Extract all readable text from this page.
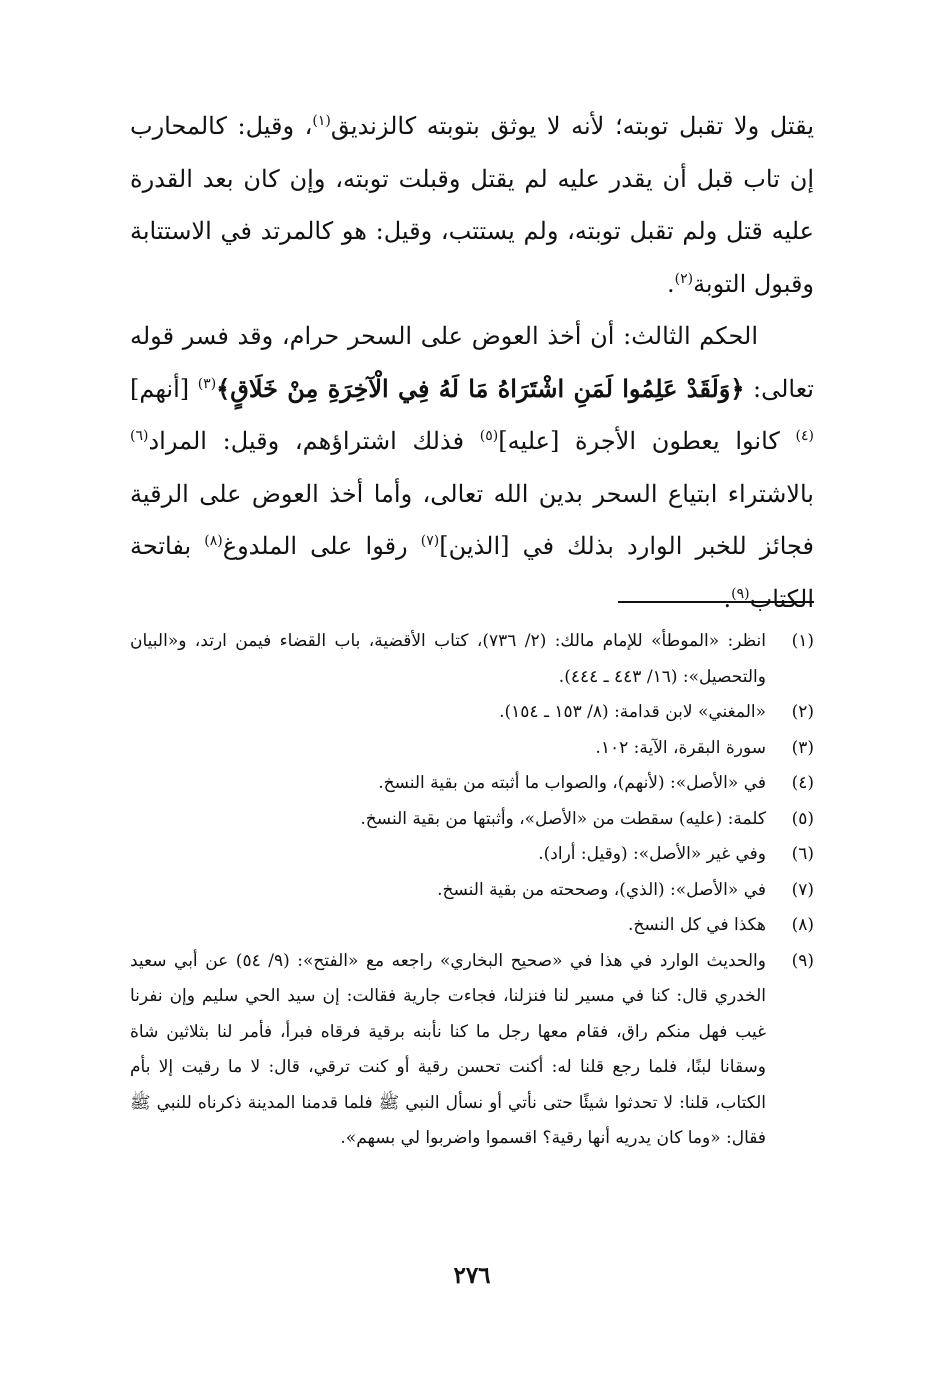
يقتل ولا تقبل توبته؛ لأنه لا يوثق بتوبته كالزنديق$^{(١)}$، وقيل: كالمحارب إن تاب قبل أن يقدر عليه لم يقتل وقبلت توبته، وإن كان بعد القدرة عليه قتل ولم تقبل توبته، ولم يستتب، وقيل: هو كالمرتد في الاستتابة وقبول التوبة$^{(٢)}$.

الحكم الثالث: أن أخذ العوض على السحر حرام، وقد فسر قوله تعالى: ﴿وَلَقَدْ عَلِمُوا لَمَنِ اشْتَرَاهُ مَا لَهُ فِي الْآخِرَةِ مِنْ خَلَاقٍ﴾$^{(٣)}$ [أنهم]$^{(٤)}$ كانوا يعطون الأجرة [عليه]$^{(٥)}$ فذلك اشتراؤهم، وقيل: المراد$^{(٦)}$ بالاشتراء ابتياع السحر بدين الله تعالى، وأما أخذ العوض على الرقية فجائز للخبر الوارد بذلك في [الذين]$^{(٧)}$ رقوا على الملدوغ$^{(٨)}$ بفاتحة الكتاب$^{(٩)}$.

(١)
انظر: «الموطأ» للإمام مالك: (٢/ ٧٣٦)، كتاب الأقضية، باب القضاء فيمن ارتد، و«البيان والتحصيل»: (١٦/ ٤٤٣ ـ ٤٤٤).
(٢)
«المغني» لابن قدامة: (٨/ ١٥٣ ـ ١٥٤).
(٣)
سورة البقرة، الآية: ١٠٢.
(٤)
في «الأصل»: (لأنهم)، والصواب ما أثبته من بقية النسخ.
(٥)
كلمة: (عليه) سقطت من «الأصل»، وأثبتها من بقية النسخ.
(٦)
وفي غير «الأصل»: (وقيل: أراد).
(٧)
في «الأصل»: (الذي)، وصححته من بقية النسخ.
(٨)
هكذا في كل النسخ.
(٩)
والحديث الوارد في هذا في «صحيح البخاري» راجعه مع «الفتح»: (٩/ ٥٤) عن أبي سعيد الخدري قال: كنا في مسير لنا فنزلنا، فجاءت جارية فقالت: إن سيد الحي سليم وإن نفرنا غيب فهل منكم راق، فقام معها رجل ما كنا نأبنه برقية فرقاه فبرأ، فأمر لنا بثلاثين شاة وسقانا لبنًا، فلما رجع قلنا له: أكنت تحسن رقية أو كنت ترقي، قال: لا ما رقيت إلا بأم الكتاب، قلنا: لا تحدثوا شيئًا حتى نأتي أو نسأل النبي ﷺ فلما قدمنا المدينة ذكرناه للنبي ﷺ فقال: «وما كان يدريه أنها رقية؟ اقسموا واضربوا لي بسهم».
٢٧٦
